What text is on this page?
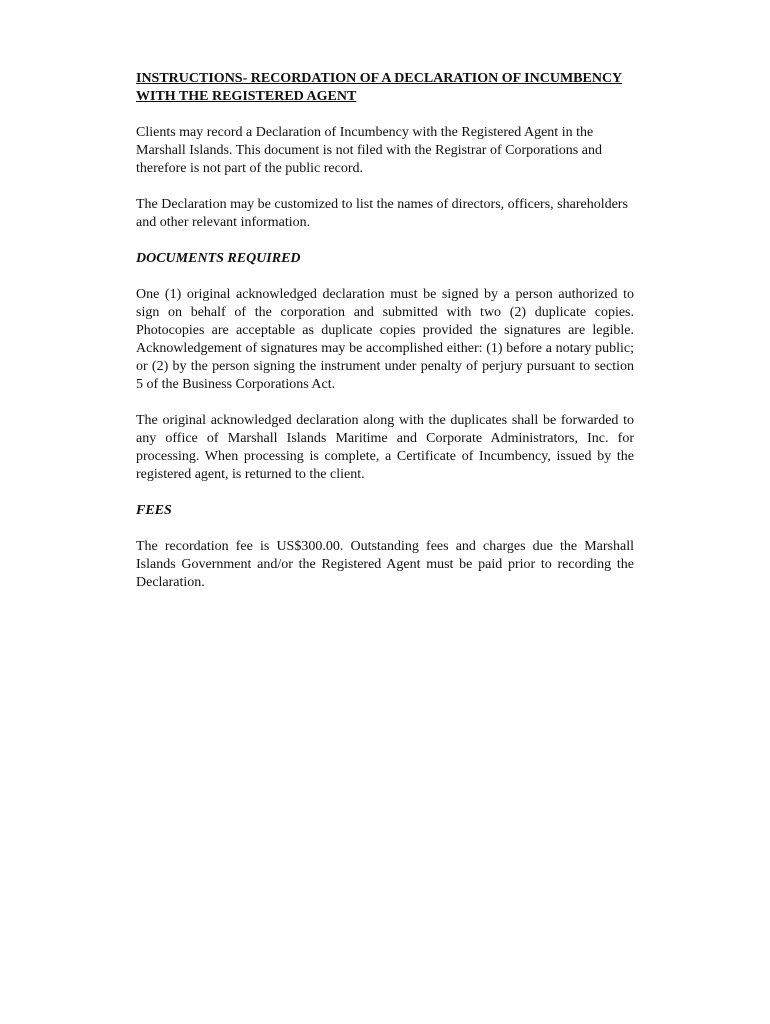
INSTRUCTIONS- RECORDATION OF A DECLARATION OF INCUMBENCY
WITH THE REGISTERED AGENT

Clients may record a Declaration of Incumbency with the Registered Agent in the Marshall Islands. This document is not filed with the Registrar of Corporations and therefore is not part of the public record.

The Declaration may be customized to list the names of directors, officers, shareholders and other relevant information.

DOCUMENTS REQUIRED

One (1) original acknowledged declaration must be signed by a person authorized to sign on behalf of the corporation and submitted with two (2) duplicate copies. Photocopies are acceptable as duplicate copies provided the signatures are legible. Acknowledgement of signatures may be accomplished either: (1) before a notary public; or (2) by the person signing the instrument under penalty of perjury pursuant to section 5 of the Business Corporations Act.

The original acknowledged declaration along with the duplicates shall be forwarded to any office of Marshall Islands Maritime and Corporate Administrators, Inc. for processing. When processing is complete, a Certificate of Incumbency, issued by the registered agent, is returned to the client.

FEES

The recordation fee is US$300.00. Outstanding fees and charges due the Marshall Islands Government and/or the Registered Agent must be paid prior to recording the Declaration.
